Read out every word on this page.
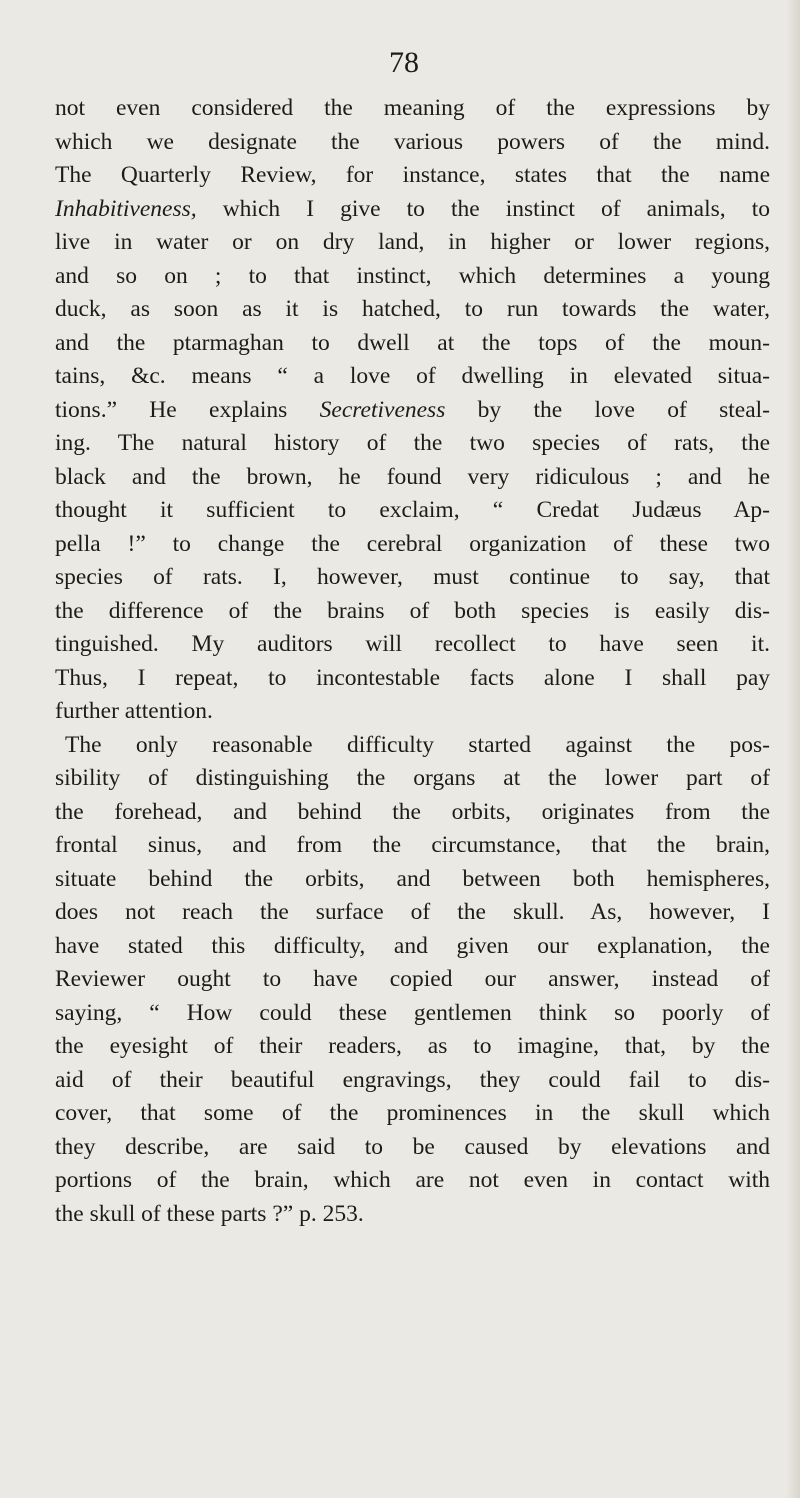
78
not even considered the meaning of the expressions by
which we designate the various powers of the mind.
The Quarterly Review, for instance, states that the name
Inhabitiveness, which I give to the instinct of animals, to
live in water or on dry land, in higher or lower regions,
and so on ; to that instinct, which determines a young
duck, as soon as it is hatched, to run towards the water,
and the ptarmaghan to dwell at the tops of the moun-
tains, &c. means “ a love of dwelling in elevated situa-
tions.” He explains Secretiveness by the love of steal-
ing. The natural history of the two species of rats, the
black and the brown, he found very ridiculous ; and he
thought it sufficient to exclaim, “ Credat Judæus Ap-
pella !” to change the cerebral organization of these two
species of rats. I, however, must continue to say, that
the difference of the brains of both species is easily dis-
tinguished. My auditors will recollect to have seen it.
Thus, I repeat, to incontestable facts alone I shall pay
further attention.
The only reasonable difficulty started against the pos-
sibility of distinguishing the organs at the lower part of
the forehead, and behind the orbits, originates from the
frontal sinus, and from the circumstance, that the brain,
situate behind the orbits, and between both hemispheres,
does not reach the surface of the skull. As, however, I
have stated this difficulty, and given our explanation, the
Reviewer ought to have copied our answer, instead of
saying, “ How could these gentlemen think so poorly of
the eyesight of their readers, as to imagine, that, by the
aid of their beautiful engravings, they could fail to dis-
cover, that some of the prominences in the skull which
they describe, are said to be caused by elevations and
portions of the brain, which are not even in contact with
the skull of these parts ?” p. 253.
